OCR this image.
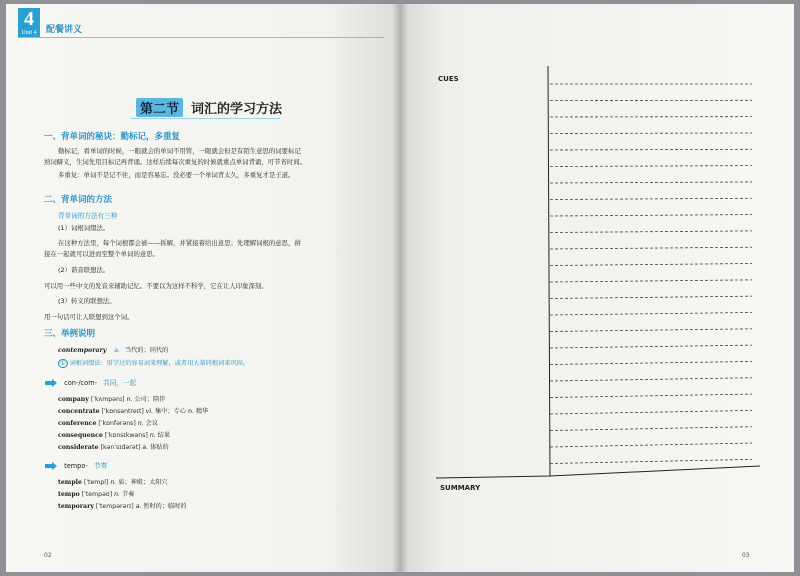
4
Unit 4	配餐讲义
第二节 词汇的学习方法
一、背单词的秘诀：勤标记，多重复
勤标记，看单词的时候，一眼就会的单词不用管，一眼就会但是有陌生意思的词要标记
熟词僻义，生词先用目标记再背诵。这样后续每次重复的时候就重点单词背诵，可节省时间。
多重复：单词不是记不住，而是容易忘。没必要一个单词背太久，多重复才是王道。
二、背单词的方法
背单词的方法有三种
(1）词根词缀法。
在这种方法里，每个词根都会被——拆解，并紧接着给出意思；先理解词根的意思，拼
接在一起就可以进而至整个单词的意思。
(2）谐音联想法。
可以用一些中文的发音来辅助记忆。不要以为这样不科学，它在让人印象深刻。
(3）转义的联想法。
用一句话可让人联想到这个词。
三、举例说明
contemporary a. 当代的；同代的
① 词根词缀法：用学过的容易词来理解，或者用大量同根词来巩固。
con-/com- 共同，一起
company [ˈkʌmpənɪ] n. 公司；陪伴
concentrate [ˈkɒnsəntreɪt] vi. 集中；专心 n. 精华
conference [ˈkɒnfərəns] n. 会议
consequence [ˈkɒnsɪkwəns] n. 结果
considerate [kənˈsɪdərət] a. 体贴的
tempo- 节奏
temple [ˈtempl] n. 庙；神殿；太阳穴
tempo [ˈtempəʊ] n. 节奏
temporary [ˈtempərərɪ] a. 暂时的；临时的
02
CUES
SUMMARY
03
